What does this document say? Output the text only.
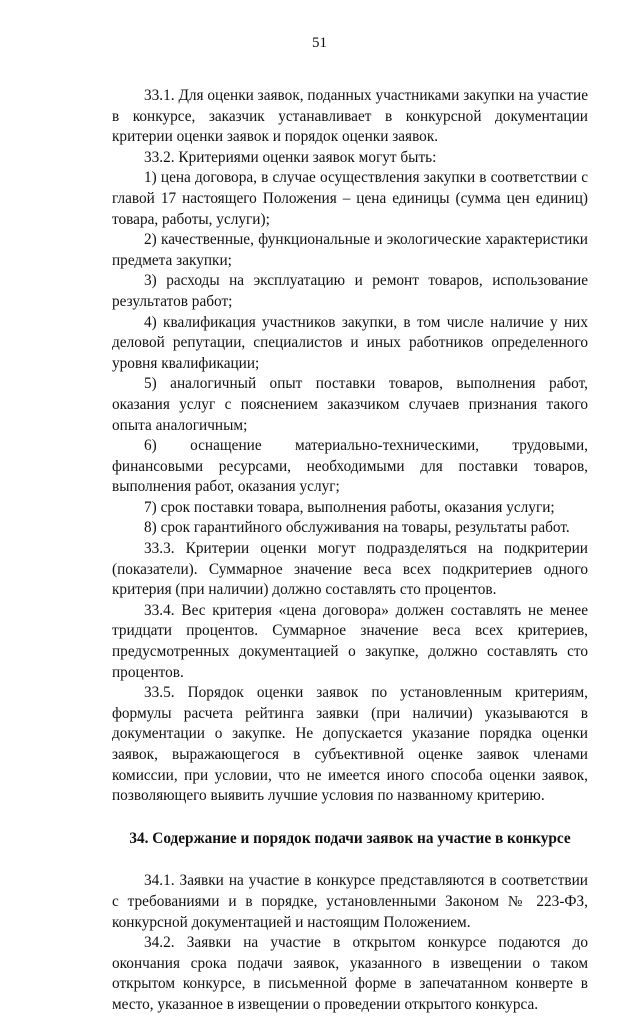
51

33.1. Для оценки заявок, поданных участниками закупки на участие в конкурсе, заказчик устанавливает в конкурсной документации критерии оценки заявок и порядок оценки заявок.

33.2. Критериями оценки заявок могут быть:

1) цена договора, в случае осуществления закупки в соответствии с главой 17 настоящего Положения – цена единицы (сумма цен единиц) товара, работы, услуги);

2) качественные, функциональные и экологические характеристики предмета закупки;

3) расходы на эксплуатацию и ремонт товаров, использование результатов работ;

4) квалификация участников закупки, в том числе наличие у них деловой репутации, специалистов и иных работников определенного уровня квалификации;

5) аналогичный опыт поставки товаров, выполнения работ, оказания услуг с пояснением заказчиком случаев признания такого опыта аналогичным;

6) оснащение материально-техническими, трудовыми, финансовыми ресурсами, необходимыми для поставки товаров, выполнения работ, оказания услуг;

7) срок поставки товара, выполнения работы, оказания услуги;

8) срок гарантийного обслуживания на товары, результаты работ.

33.3. Критерии оценки могут подразделяться на подкритерии (показатели). Суммарное значение веса всех подкритериев одного критерия (при наличии) должно составлять сто процентов.

33.4. Вес критерия «цена договора» должен составлять не менее тридцати процентов. Суммарное значение веса всех критериев, предусмотренных документацией о закупке, должно составлять сто процентов.

33.5. Порядок оценки заявок по установленным критериям, формулы расчета рейтинга заявки (при наличии) указываются в документации о закупке. Не допускается указание порядка оценки заявок, выражающегося в субъективной оценке заявок членами комиссии, при условии, что не имеется иного способа оценки заявок, позволяющего выявить лучшие условия по названному критерию.

34. Содержание и порядок подачи заявок на участие в конкурсе

34.1. Заявки на участие в конкурсе представляются в соответствии с требованиями и в порядке, установленными Законом № 223-ФЗ, конкурсной документацией и настоящим Положением.

34.2. Заявки на участие в открытом конкурсе подаются до окончания срока подачи заявок, указанного в извещении о таком открытом конкурсе, в письменной форме в запечатанном конверте в место, указанное в извещении о проведении открытого конкурса.
